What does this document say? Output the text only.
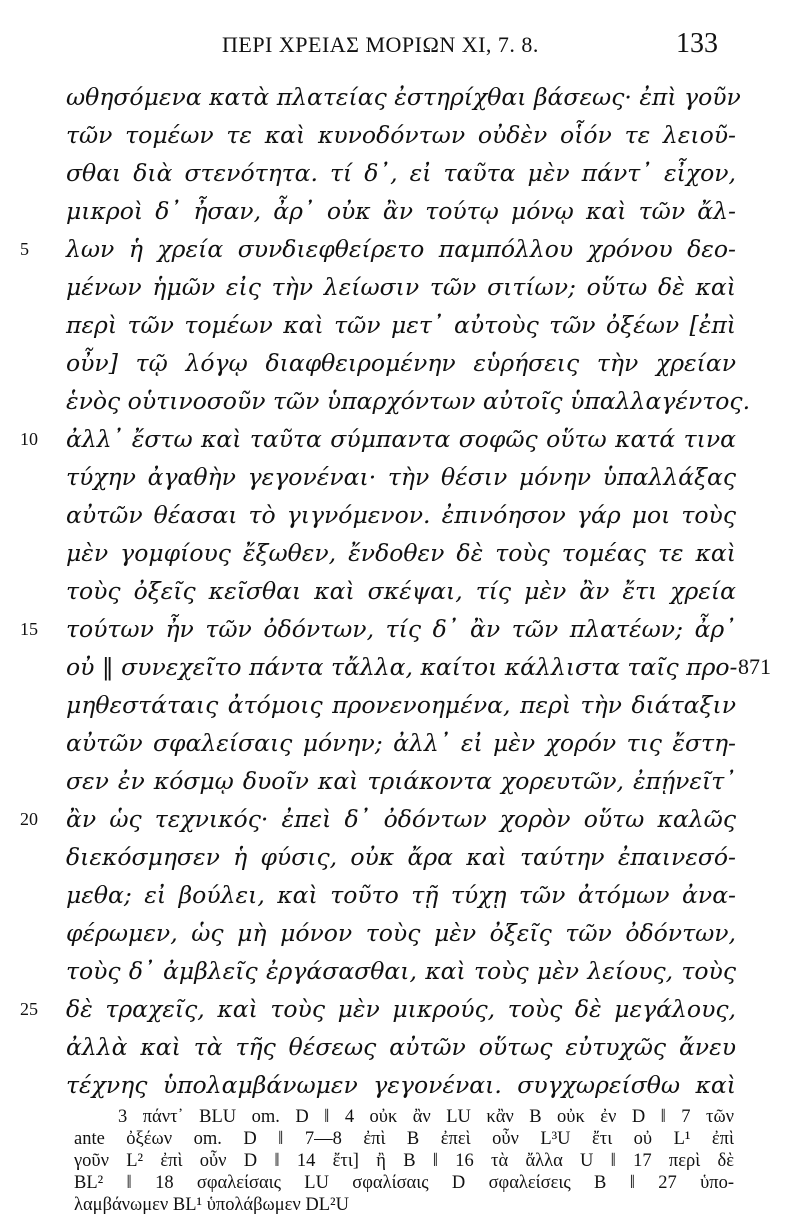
ΠΕΡΙ ΧΡΕΙΑΣ ΜΟΡΙΩΝ XI, 7. 8.	133
ωθησόμενα κατὰ πλατείας ἐστηρίχθαι βάσεως· ἐπὶ γοῦν
τῶν τομέων τε καὶ κυνοδόντων οὐδὲν οἷόν τε λειοῦ-
σθαι διὰ στενότητα. τί δ᾽, εἰ ταῦτα μὲν πάντ᾽ εἶχον,
μικροὶ δ᾽ ἦσαν, ἆρ᾽ οὐκ ἂν τούτῳ μόνῳ καὶ τῶν ἄλ-
5	λων ἡ χρεία συνδιεφθείρετο παμπόλλου χρόνου δεο-
μένων ἡμῶν εἰς τὴν λείωσιν τῶν σιτίων; οὕτω δὲ καὶ
περὶ τῶν τομέων καὶ τῶν μετ᾽ αὐτοὺς τῶν ὀξέων [ἐπὶ
οὖν] τῷ λόγῳ διαφθειρομένην εὑρήσεις τὴν χρείαν
ἑνὸς οὑτινοσοῦν τῶν ὑπαρχόντων αὐτοῖς ὑπαλλαγέντος.
10	ἀλλ᾽ ἔστω καὶ ταῦτα σύμπαντα σοφῶς οὕτω κατά τινα
τύχην ἀγαθὴν γεγονέναι· τὴν θέσιν μόνην ὑπαλλάξας
αὐτῶν θέασαι τὸ γιγνόμενον. ἐπινόησον γάρ μοι τοὺς
μὲν γομφίους ἔξωθεν, ἔνδοθεν δὲ τοὺς τομέας τε καὶ
τοὺς ὀξεῖς κεῖσθαι καὶ σκέψαι, τίς μὲν ἂν ἔτι χρεία
15	τούτων ἦν τῶν ὀδόντων, τίς δ᾽ ἂν τῶν πλατέων; ἆρ᾽
οὐ ‖ συνεχεῖτο πάντα τἄλλα, καίτοι κάλλιστα ταῖς προ- 871
μηθεστάταις ἀτόμοις προνενοημένα, περὶ τὴν διάταξιν
αὐτῶν σφαλείσαις μόνην; ἀλλ᾽ εἰ μὲν χορόν τις ἔστη-
σεν ἐν κόσμῳ δυοῖν καὶ τριάκοντα χορευτῶν, ἐπῄνεῖτ᾽
20	ἂν ὡς τεχνικός· ἐπεὶ δ᾽ ὀδόντων χορὸν οὕτω καλῶς
διεκόσμησεν ἡ φύσις, οὐκ ἄρα καὶ ταύτην ἐπαινεσό-
μεθα; εἰ βούλει, καὶ τοῦτο τῇ τύχῃ τῶν ἀτόμων ἀνα-
φέρωμεν, ὡς μὴ μόνον τοὺς μὲν ὀξεῖς τῶν ὀδόντων,
τοὺς δ᾽ ἀμβλεῖς ἐργάσασθαι, καὶ τοὺς μὲν λείους, τοὺς
25	δὲ τραχεῖς, καὶ τοὺς μὲν μικρούς, τοὺς δὲ μεγάλους,
ἀλλὰ καὶ τὰ τῆς θέσεως αὐτῶν οὕτως εὐτυχῶς ἄνευ
τέχνης ὑπολαμβάνωμεν γεγονέναι. συγχωρείσθω καὶ
3 πάντ᾽ BLU om. D ‖ 4 οὐκ ἂν LU κἂν B οὐκ ἐν D ‖ 7 τῶν
ante ὀξέων om. D ‖ 7—8 ἐπὶ B ἐπεὶ οὖν L³U ἔτι οὐ L¹ ἐπὶ
γοῦν L² ἐπὶ οὖν D ‖ 14 ἔτι] ἢ B ‖ 16 τὰ ἄλλα U ‖ 17 περὶ δὲ
BL² ‖ 18 σφαλείσαις LU σφαλίσαις D σφαλείσεις B ‖ 27 ὑπο-
λαμβάνωμεν BL¹ ὑπολάβωμεν DL²U
